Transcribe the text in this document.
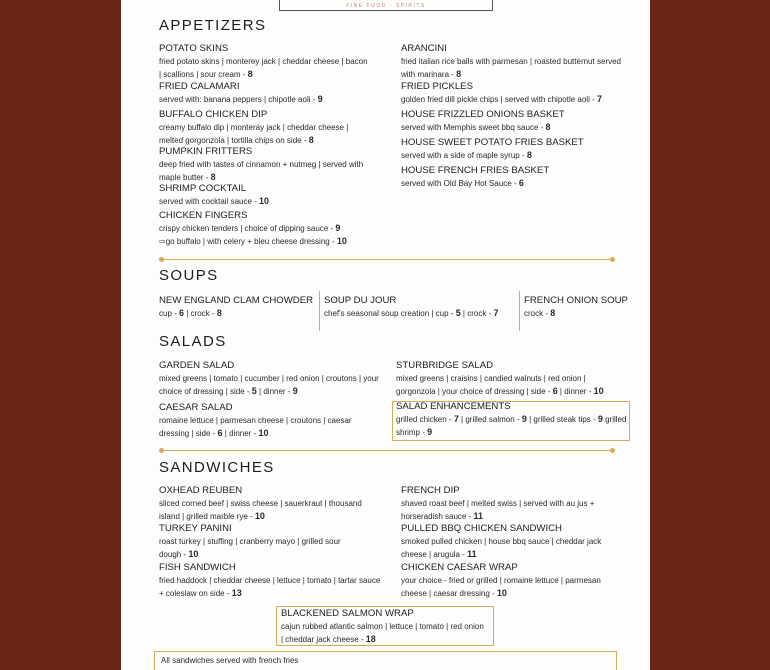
FINE FOOD · SPIRITS
APPETIZERS
POTATO SKINS
fried potato skins | monterey jack | cheddar cheese | bacon | scallions | sour cream - 8
FRIED CALAMARI
served with: banana peppers | chipotle aoli - 9
BUFFALO CHICKEN DIP
creamy buffalo dip | monteray jack | cheddar cheese | melted gorgonzola | tortilla chips on side - 8
PUMPKIN FRITTERS
deep fried with tastes of cinnamon + nutmeg | served with maple butter - 8
SHRIMP COCKTAIL
served with cocktail sauce - 10
CHICKEN FINGERS
crispy chicken tenders | choice of dipping sauce - 9
⇨go buffalo | with celery + bleu cheese dressing - 10
ARANCINI
fried italian rice balls with parmesan | roasted butternut served with marinara - 8
FRIED PICKLES
golden fried dill pickle chips | served with chipotle aoli - 7
HOUSE FRIZZLED ONIONS BASKET
served with Memphis sweet bbq sauce - 8
HOUSE SWEET POTATO FRIES BASKET
served with a side of maple syrup - 8
HOUSE FRENCH FRIES BASKET
served with Old Bay Hot Sauce - 6
SOUPS
NEW ENGLAND CLAM CHOWDER
cup - 6 | crock - 8
SOUP DU JOUR
chef's seasonal soup creation | cup - 5 | crock - 7
FRENCH ONION SOUP
crock - 8
SALADS
GARDEN SALAD
mixed greens | tomato | cucumber | red onion | croutons | your choice of dressing | side - 5 | dinner - 9
CAESAR SALAD
romaine lettuce | parmesan cheese | croutons | caesar dressing | side - 6 | dinner - 10
STURBRIDGE SALAD
mixed greens | craisins | candied walnuts | red onion | gorgonzola | your choice of dressing | side - 6 | dinner - 10
SALAD ENHANCEMENTS
grilled chicken - 7 | grilled salmon - 9 | grilled steak tips - 9 grilled shrimp - 9
SANDWICHES
OXHEAD REUBEN
sliced corned beef | swiss cheese | sauerkraut | thousand island | grilled marble rye - 10
TURKEY PANINI
roast turkey | stuffing | cranberry mayo | grilled sour dough - 10
FISH SANDWICH
fried haddock | cheddar cheese | lettuce | tomato | tartar sauce + coleslaw on side - 13
FRENCH DIP
shaved roast beef | melted swiss | served with au jus + horseradish sauce - 11
PULLED BBQ CHICKEN SANDWICH
smoked pulled chicken | house bbq sauce | cheddar jack cheese | arugula - 11
CHICKEN CAESAR WRAP
your choice - fried or grilled | romaine lettuce | parmesan cheese | caesar dressing - 10
BLACKENED SALMON WRAP
cajun rubbed atlantic salmon | lettuce | tomato | red onion | cheddar jack cheese - 18
All sandwiches served with french fries
